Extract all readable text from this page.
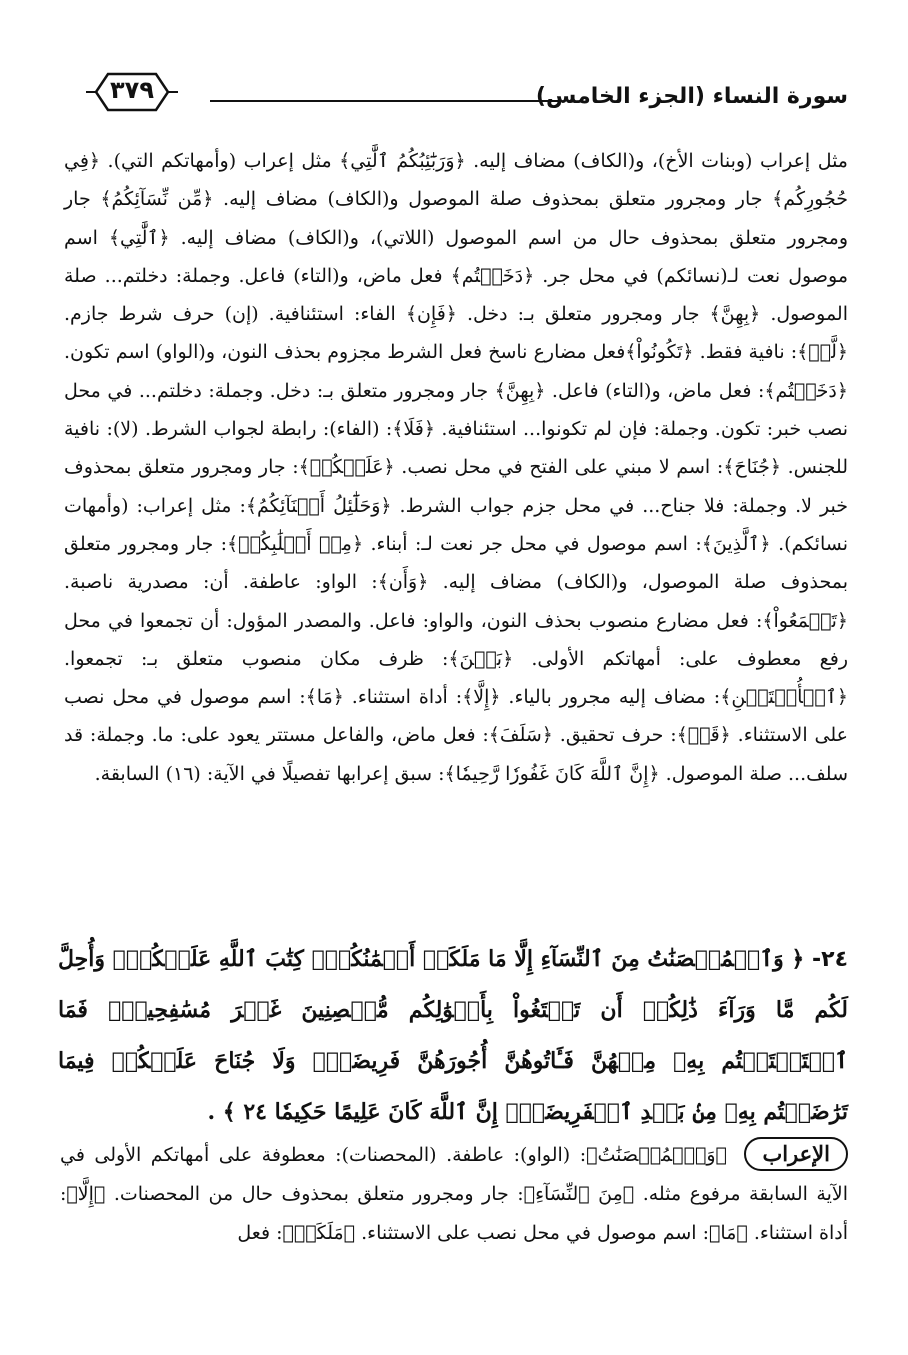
سورة النساء (الجزء الخامس)
٣٧٩
مثل إعراب (وبنات الأخ)، و(الكاف) مضاف إليه. ﴿وَرَبَٰٓئِبُكُمُ ٱلَّٰتِي﴾ مثل إعراب (وأمهاتكم التي). ﴿فِي حُجُورِكُم﴾ جار ومجرور متعلق بمحذوف صلة الموصول و(الكاف) مضاف إليه. ﴿مِّن نِّسَآئِكُمُ﴾ جار ومجرور متعلق بمحذوف حال من اسم الموصول (اللاتي)، و(الكاف) مضاف إليه. ﴿ٱلَّٰتِي﴾ اسم موصول نعت لـ(نسائكم) في محل جر. ﴿دَخَلۡتُم﴾ فعل ماض، و(التاء) فاعل. وجملة: دخلتم... صلة الموصول. ﴿بِهِنَّ﴾ جار ومجرور متعلق بـ: دخل. ﴿فَإِن﴾ الفاء: استئنافية. (إن) حرف شرط جازم. ﴿لَّمۡ﴾: نافية فقط. ﴿تَكُونُواْ﴾فعل مضارع ناسخ فعل الشرط مجزوم بحذف النون، و(الواو) اسم تكون. ﴿دَخَلۡتُم﴾: فعل ماض، و(التاء) فاعل. ﴿بِهِنَّ﴾ جار ومجرور متعلق بـ: دخل. وجملة: دخلتم... في محل نصب خبر: تكون. وجملة: فإن لم تكونوا... استئنافية. ﴿فَلَا﴾: (الفاء): رابطة لجواب الشرط. (لا): نافية للجنس. ﴿جُنَاحَ﴾: اسم لا مبني على الفتح في محل نصب. ﴿عَلَيۡكُمۡ﴾: جار ومجرور متعلق بمحذوف خبر لا. وجملة: فلا جناح... في محل جزم جواب الشرط. ﴿وَحَلَٰٓئِلُ أَبۡنَآئِكُمُ﴾: مثل إعراب: (وأمهات نسائكم). ﴿ٱلَّذِينَ﴾: اسم موصول في محل جر نعت لـ: أبناء. ﴿مِنۡ أَصۡلَٰبِكُمۡ﴾: جار ومجرور متعلق بمحذوف صلة الموصول، و(الكاف) مضاف إليه. ﴿وَأَن﴾: الواو: عاطفة. أن: مصدرية ناصبة. ﴿تَجۡمَعُواْ﴾: فعل مضارع منصوب بحذف النون، والواو: فاعل. والمصدر المؤول: أن تجمعوا في محل رفع معطوف على: أمهاتكم الأولى. ﴿بَيۡنَ﴾: ظرف مكان منصوب متعلق بـ: تجمعوا. ﴿ٱلۡأُخۡتَيۡنِ﴾: مضاف إليه مجرور بالياء. ﴿إِلَّا﴾: أداة استثناء. ﴿مَا﴾: اسم موصول في محل نصب على الاستثناء. ﴿قَدۡ﴾: حرف تحقيق. ﴿سَلَفَ﴾: فعل ماض، والفاعل مستتر يعود على: ما. وجملة: قد سلف... صلة الموصول. ﴿إِنَّ ٱللَّهَ كَانَ غَفُورٗا رَّحِيمٗا﴾: سبق إعرابها تفصيلًا في الآية: (١٦) السابقة.
٢٤- ﴿ وَٱلۡمُحۡصَنَٰتُ مِنَ ٱلنِّسَآءِ إِلَّا مَا مَلَكَتۡ أَيۡمَٰنُكُمۡۖ كِتَٰبَ ٱللَّهِ عَلَيۡكُمۡۚ وَأُحِلَّ لَكُم مَّا وَرَآءَ ذَٰلِكُمۡ أَن تَبۡتَغُواْ بِأَمۡوَٰلِكُم مُّحۡصِنِينَ غَيۡرَ مُسَٰفِحِينَۚ فَمَا ٱسۡتَمۡتَعۡتُم بِهِۦ مِنۡهُنَّ فَـَٔاتُوهُنَّ أُجُورَهُنَّ فَرِيضَةٗۚ وَلَا جُنَاحَ عَلَيۡكُمۡ فِيمَا تَرَٰضَيۡتُم بِهِۦ مِنۢ بَعۡدِ ٱلۡفَرِيضَةِۚ إِنَّ ٱللَّهَ كَانَ عَلِيمًا حَكِيمٗا ٢٤ ﴾ .
الإعراب ﴿وَٱلۡمُحۡصَنَٰتُ﴾: (الواو): عاطفة. (المحصنات): معطوفة على أمهاتكم الأولى في الآية السابقة مرفوع مثله. ﴿مِنَ ٱلنِّسَآءِ﴾: جار ومجرور متعلق بمحذوف حال من المحصنات. ﴿إِلَّا﴾: أداة استثناء. ﴿مَا﴾: اسم موصول في محل نصب على الاستثناء. ﴿مَلَكَتۡ﴾: فعل
